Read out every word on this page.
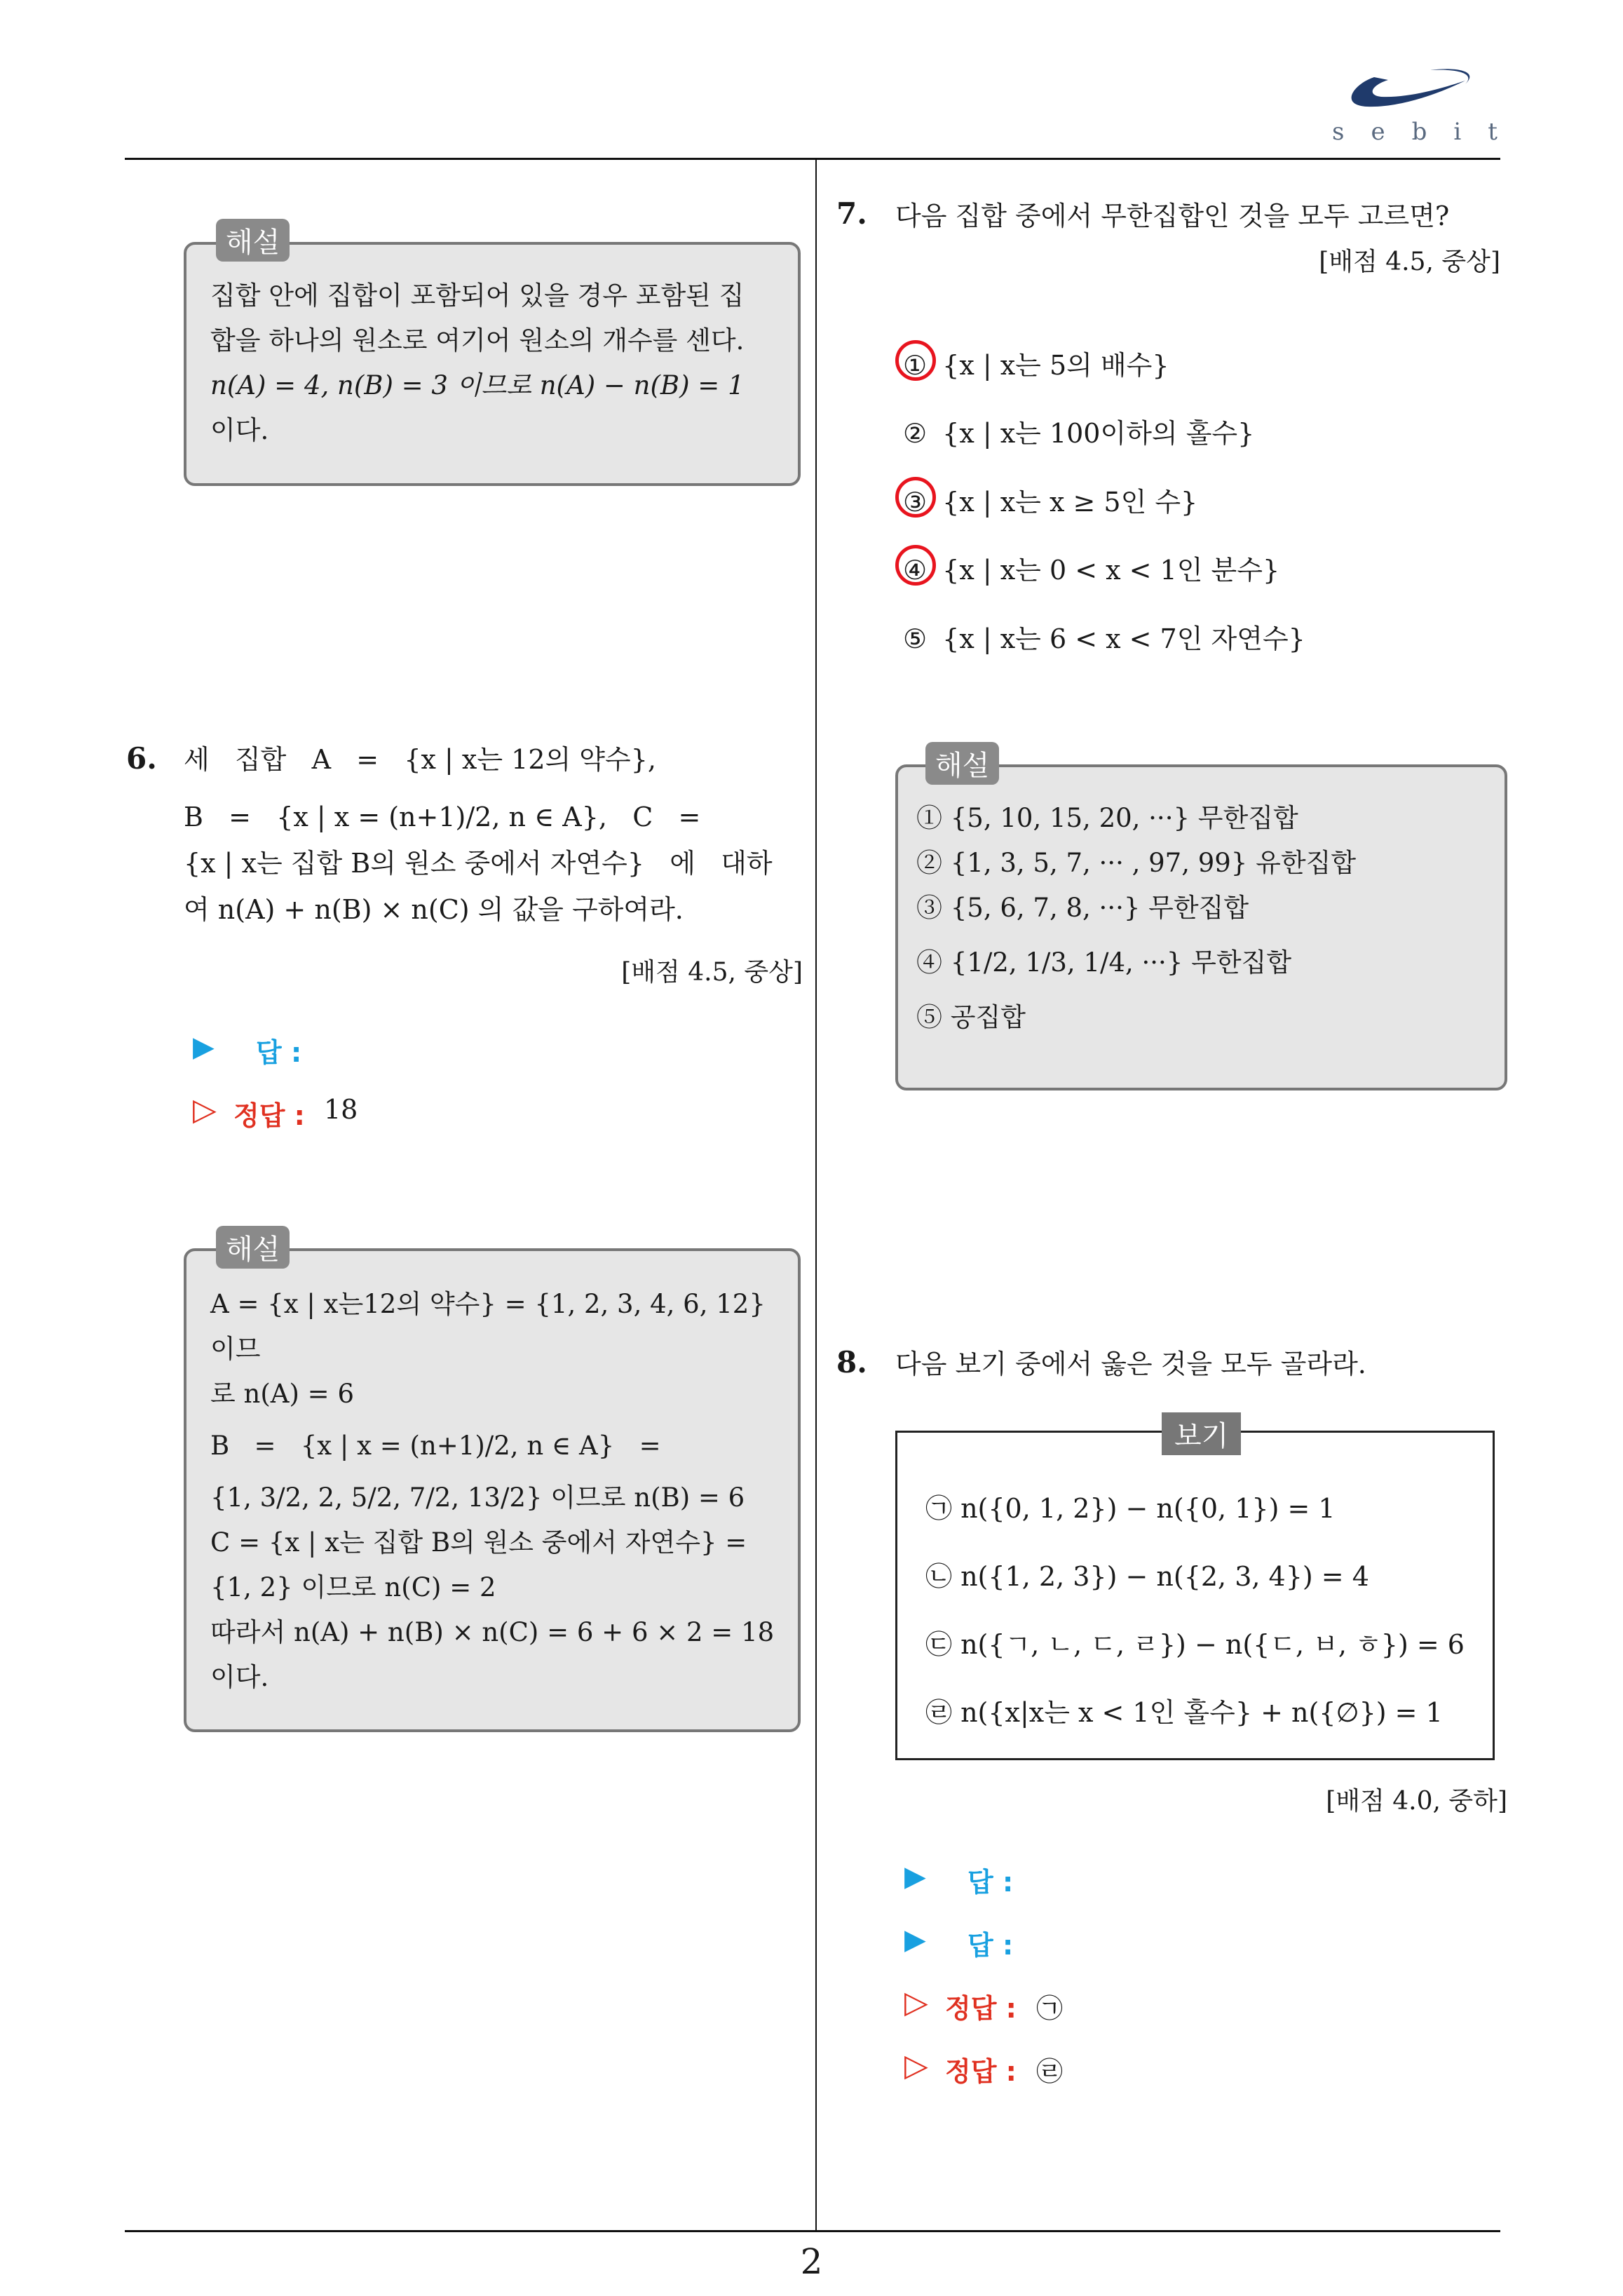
sebit
해설
집합 안에 집합이 포함되어 있을 경우 포함된 집
합을 하나의 원소로 여기어 원소의 개수를 센다.
n(A) = 4, n(B) = 3 이므로 n(A) − n(B) = 1
이다.
6. 세   집합   A   =   {x | x는 12의 약수},
B   =   {x | x = (n+1)/2, n ∈ A},   C   =
{x | x는 집합 B의 원소 중에서 자연수}   에   대하
여 n(A) + n(B) × n(C) 의 값을 구하여라.
[배점 4.5, 중상]
▶ 답 :
▷ 정답 : 18
해설
A = {x | x는12의 약수} = {1, 2, 3, 4, 6, 12} 이므
로 n(A) = 6
B   =   {x | x = (n+1)/2, n ∈ A}   =
{1, 3/2, 2, 5/2, 7/2, 13/2} 이므로 n(B) = 6
C = {x | x는 집합 B의 원소 중에서 자연수} =
{1, 2} 이므로 n(C) = 2
따라서 n(A) + n(B) × n(C) = 6 + 6 × 2 = 18
이다.
7. 다음 집합 중에서 무한집합인 것을 모두 고르면?
[배점 4.5, 중상]
① {x | x는 5의 배수}
② {x | x는 100이하의 홀수}
③ {x | x는 x ≥ 5인 수}
④ {x | x는 0 < x < 1인 분수}
⑤ {x | x는 6 < x < 7인 자연수}
해설
① {5, 10, 15, 20, ···} 무한집합
② {1, 3, 5, 7, ··· , 97, 99} 유한집합
③ {5, 6, 7, 8, ···} 무한집합
④ {1/2, 1/3, 1/4, ···} 무한집합
⑤ 공집합
8. 다음 보기 중에서 옳은 것을 모두 골라라.
보기
㉠ n({0, 1, 2}) − n({0, 1}) = 1
㉡ n({1, 2, 3}) − n({2, 3, 4}) = 4
㉢ n({ㄱ, ㄴ, ㄷ, ㄹ}) − n({ㄷ, ㅂ, ㅎ}) = 6
㉣ n({x|x는 x < 1인 홀수} + n({∅}) = 1
[배점 4.0, 중하]
▶ 답 :
▶ 답 :
▷ 정답 : ㉠
▷ 정답 : ㉣
2
